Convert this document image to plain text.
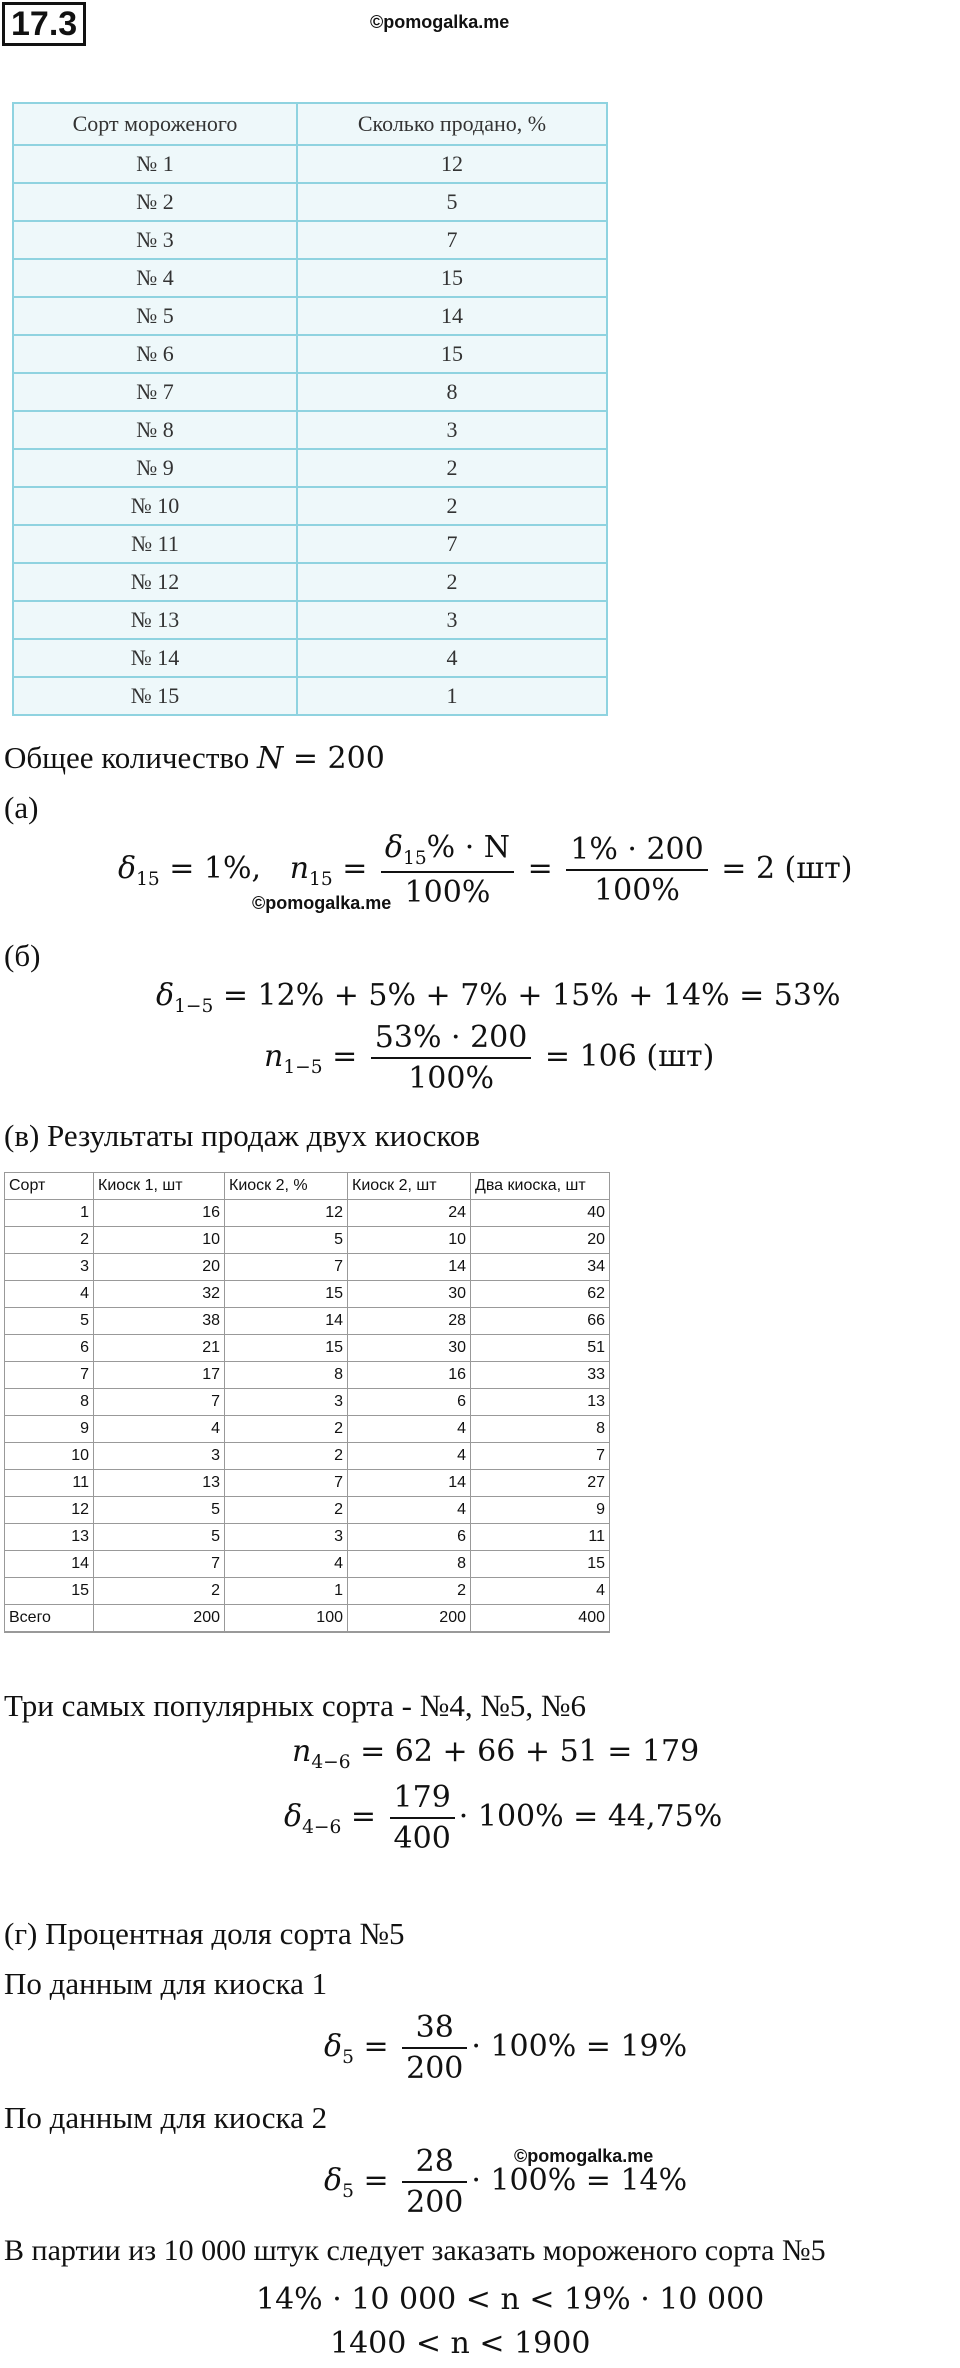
17.3	©pomogalka.me
Сорт мороженого	Сколько продано, %
№ 1	12
№ 2	5
№ 3	7
№ 4	15
№ 5	14
№ 6	15
№ 7	8
№ 8	3
№ 9	2
№ 10	2
№ 11	7
№ 12	2
№ 13	3
№ 14	4
№ 15	1
Общее количество N = 200
(а)
$\delta_{15} = 1\%$, $n_{15} = \frac{\delta_{15}\% \cdot N}{100\%} = \frac{1\% \cdot 200}{100\%} = 2$ (шт)
©pomogalka.me
(б)
$\delta_{1-5} = 12\% + 5\% + 7\% + 15\% + 14\% = 53\%$
$n_{1-5} = \frac{53\% \cdot 200}{100\%} = 106$ (шт)
(в) Результаты продаж двух киосков
Сорт	Киоск 1, шт	Киоск 2, %	Киоск 2, шт	Два киоска, шт
1	16	12	24	40
2	10	5	10	20
3	20	7	14	34
4	32	15	30	62
5	38	14	28	66
6	21	15	30	51
7	17	8	16	33
8	7	3	6	13
9	4	2	4	8
10	3	2	4	7
11	13	7	14	27
12	5	2	4	9
13	5	3	6	11
14	7	4	8	15
15	2	1	2	4
Всего	200	100	200	400
Три самых популярных сорта - №4, №5, №6
$n_{4-6} = 62 + 66 + 51 = 179$
$\delta_{4-6} = \frac{179}{400} \cdot 100\% = 44,75\%$
(г) Процентная доля сорта №5
По данным для киоска 1
$\delta_5 = \frac{38}{200} \cdot 100\% = 19\%$
По данным для киоска 2
©pomogalka.me
$\delta_5 = \frac{28}{200} \cdot 100\% = 14\%$
В партии из 10 000 штук следует заказать мороженого сорта №5
14% · 10 000 < n < 19% · 10 000
1400 < n < 1900
